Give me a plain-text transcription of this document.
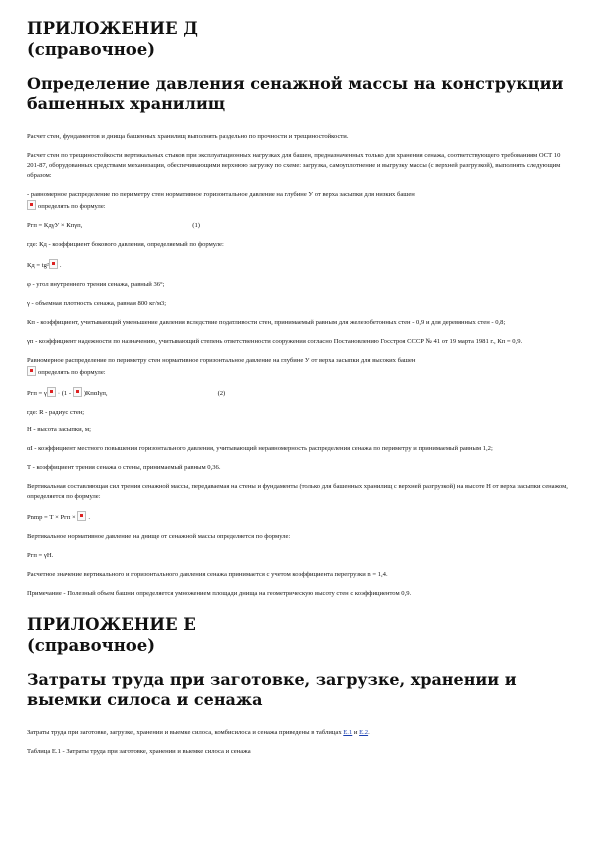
ПРИЛОЖЕНИЕ Д
(справочное)
Определение давления сенажной массы на конструкции башенных хранилищ

Расчет стен, фундаментов и днища башенных хранилищ выполнять раздельно по прочности и трещиностойкости.

Расчет стен по трещиностойкости вертикальных стыков при эксплуатационных нагрузках для башен, предназначенных только для хранения сенажа, соответствующего требованиям ОСТ 10 201-87, оборудованных средствами механизации, обеспечивающими верхнюю загрузку по схеме: загрузка, самоуплотнение и выгрузку массы (с верхней разгрузкой), выполнять следующим образом:

- равномерное распределение по периметру стен нормативное горизонтальное давление на глубине У от верха засыпки для низких башен
определять по формуле:

Pгп = КдγУ × Кпγп,	(1)

где: Кд - коэффициент бокового давления, определяемый по формуле:

Кд = tg² .

φ - угол внутреннего трения сенажа, равный 36°;

γ - объемная плотность сенажа, равная 800 кг/м3;

Кп - коэффициент, учитывающий уменьшение давления вследствие податливости стен, принимаемый равным для железобетонных стен - 0,9 и для деревянных стен - 0,8;

γп - коэффициент надежности по назначению, учитывающий степень ответственности сооружения согласно Постановлению Госстроя СССР № 41 от 19 марта 1981 г., Кп = 0,9.

Равномерное распределение по периметру стен нормативное горизонтальное давление на глубине У от верха засыпки для высоких башен
определять по формуле:

Pгп = γ · (1 - )КпαIγп,	(2)

где: R - радиус стен;

Н - высота засыпки, м;

αI - коэффициент местного повышения горизонтального давления, учитывающий неравномерность распределения сенажа по периметру и принимаемый равным 1,2;

Т - коэффициент трения сенажа о стены, принимаемый равным 0,36.

Вертикальная составляющая сил трения сенажной массы, передаваемая на стены и фундаменты (только для башенных хранилищ с верхней разгрузкой) на высоте Н от верха засыпки сенажом, определяется по формуле:

Pnmp = Т × Pгп × .

Вертикальное нормативное давление на днище от сенажной массы определяется по формуле:

Pгп = γН.

Расчетное значение вертикального и горизонтального давления сенажа принимается с учетом коэффициента перегрузки n = 1,4.

Примечание - Полезный объем башни определяется умножением площади днища на геометрическую высоту стен с коэффициентом 0,9.

ПРИЛОЖЕНИЕ Е
(справочное)
Затраты труда при заготовке, загрузке, хранении и выемки силоса и сенажа

Затраты труда при заготовке, загрузке, хранении и выемке силоса, комбисилоса и сенажа приведены в таблицах Е.1 и Е.2.

Таблица Е.1 - Затраты труда при заготовке, хранении и выемке силоса и сенажа
